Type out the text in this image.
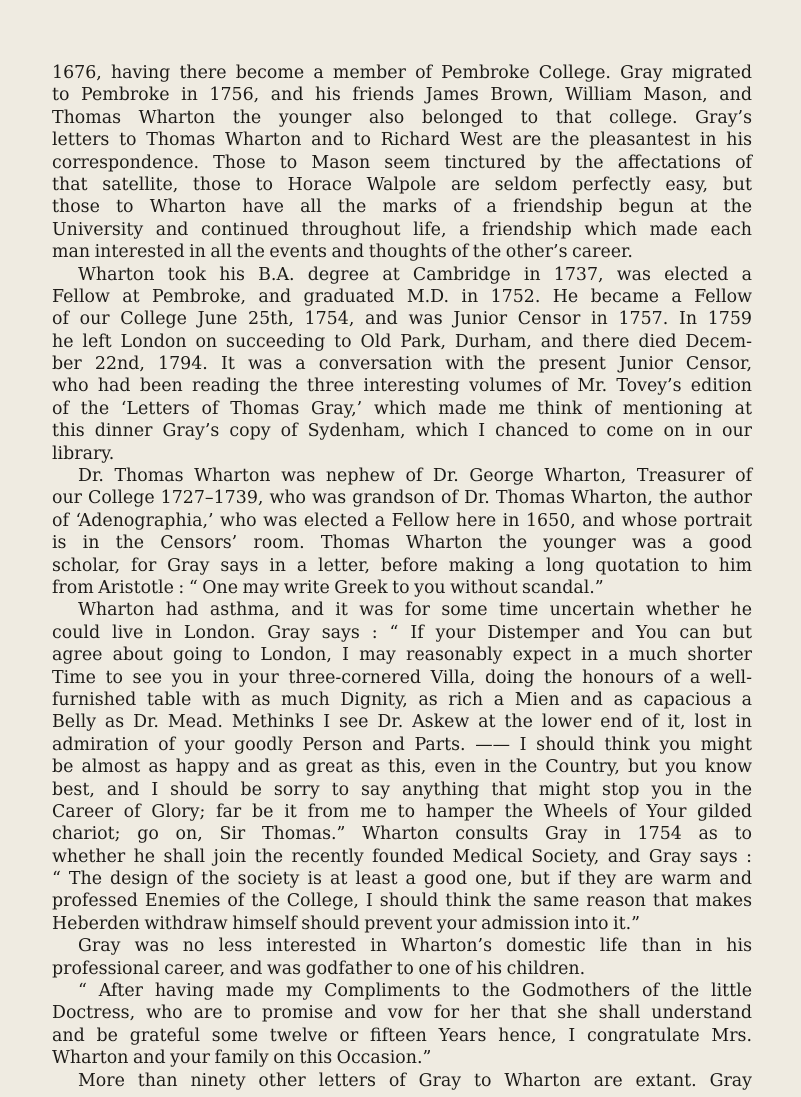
1676, having there become a member of Pembroke College. Gray migrated
to Pembroke in 1756, and his friends James Brown, William Mason, and
Thomas Wharton the younger also belonged to that college. Gray’s
letters to Thomas Wharton and to Richard West are the pleasantest in his
correspondence. Those to Mason seem tinctured by the affectations of
that satellite, those to Horace Walpole are seldom perfectly easy, but
those to Wharton have all the marks of a friendship begun at the
University and continued throughout life, a friendship which made each
man interested in all the events and thoughts of the other’s career.
Wharton took his B.A. degree at Cambridge in 1737, was elected a
Fellow at Pembroke, and graduated M.D. in 1752. He became a Fellow
of our College June 25th, 1754, and was Junior Censor in 1757. In 1759
he left London on succeeding to Old Park, Durham, and there died Decem-
ber 22nd, 1794. It was a conversation with the present Junior Censor,
who had been reading the three interesting volumes of Mr. Tovey’s edition
of the ‘Letters of Thomas Gray,’ which made me think of mentioning at
this dinner Gray’s copy of Sydenham, which I chanced to come on in our
library.
Dr. Thomas Wharton was nephew of Dr. George Wharton, Treasurer of
our College 1727–1739, who was grandson of Dr. Thomas Wharton, the author
of ‘Adenographia,’ who was elected a Fellow here in 1650, and whose portrait
is in the Censors’ room. Thomas Wharton the younger was a good
scholar, for Gray says in a letter, before making a long quotation to him
from Aristotle : “ One may write Greek to you without scandal.”
Wharton had asthma, and it was for some time uncertain whether he
could live in London. Gray says : “ If your Distemper and You can but
agree about going to London, I may reasonably expect in a much shorter
Time to see you in your three-cornered Villa, doing the honours of a well-
furnished table with as much Dignity, as rich a Mien and as capacious a
Belly as Dr. Mead. Methinks I see Dr. Askew at the lower end of it, lost in
admiration of your goodly Person and Parts. —— I should think you might
be almost as happy and as great as this, even in the Country, but you know
best, and I should be sorry to say anything that might stop you in the
Career of Glory; far be it from me to hamper the Wheels of Your gilded
chariot; go on, Sir Thomas.” Wharton consults Gray in 1754 as to
whether he shall join the recently founded Medical Society, and Gray says :
“ The design of the society is at least a good one, but if they are warm and
professed Enemies of the College, I should think the same reason that makes
Heberden withdraw himself should prevent your admission into it.”
Gray was no less interested in Wharton’s domestic life than in his
professional career, and was godfather to one of his children.
“ After having made my Compliments to the Godmothers of the little
Doctress, who are to promise and vow for her that she shall understand
and be grateful some twelve or fifteen Years hence, I congratulate Mrs.
Wharton and your family on this Occasion.”
More than ninety other letters of Gray to Wharton are extant. Gray
